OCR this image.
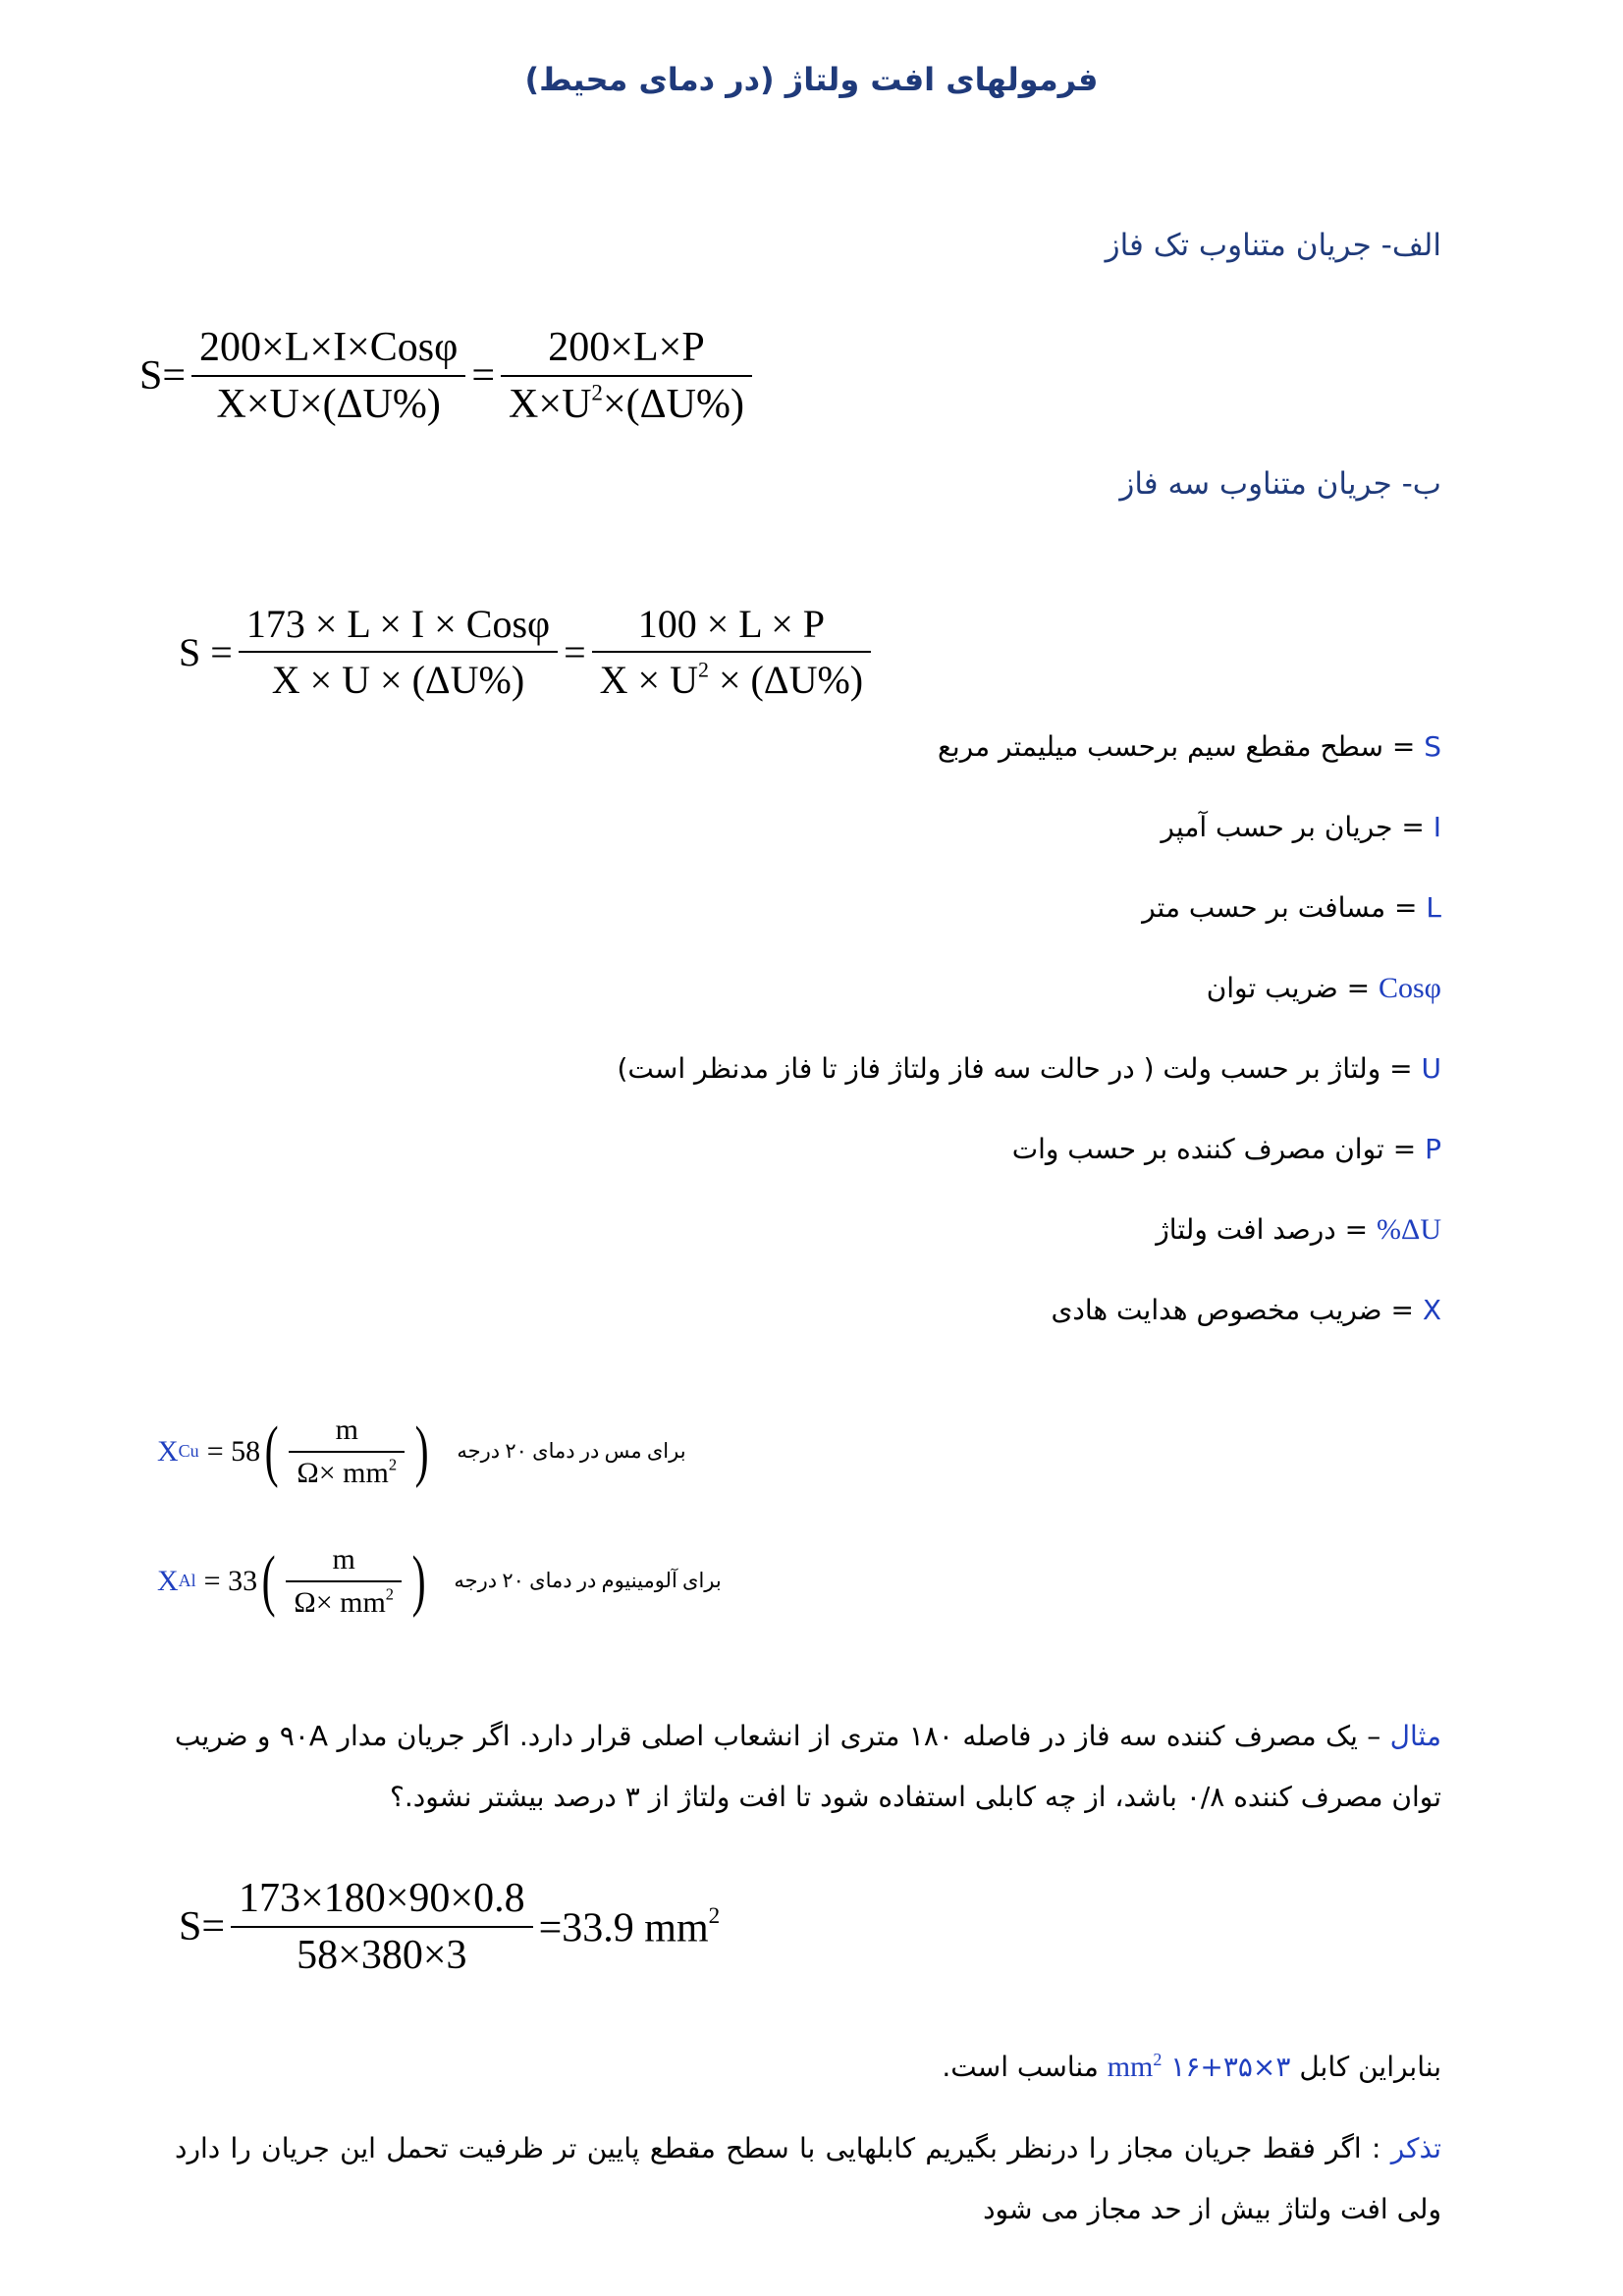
فرمولهای افت ولتاژ (در دمای محیط)
الف- جریان متناوب تک فاز
$S= \frac{\text{200×L×I×Cosφ}}{X\times U\times(\Delta U\%)} = \frac{200\times L\times P}{X\times U^2\times(\Delta U\%)}$
ب- جریان متناوب سه فاز
$S = \frac{\text{173 × L × I × Cosφ}}{X \times U \times (\Delta U\%)} = \frac{100 \times L \times P}{X \times U^2 \times (\Delta U\%)}$
S = سطح مقطع سیم برحسب میلیمتر مربع
I = جریان بر حسب آمپر
L = مسافت بر حسب متر
Cosφ = ضریب توان
U = ولتاژ بر حسب ولت ( در حالت سه فاز ولتاژ فاز تا فاز مدنظر است)
P = توان مصرف کننده بر حسب وات
ΔU% = درصد افت ولتاژ
X = ضریب مخصوص هدایت هادی
X Cu = 58 ( $\frac{m}{\Omega\times mm^2}$ ) برای مس در دمای ۲۰ درجه
X Al = 33 ( $\frac{m}{\Omega\times mm^2}$ ) برای آلومینیوم در دمای ۲۰ درجه
مثال – یک مصرف کننده سه فاز در فاصله ۱۸۰ متری از انشعاب اصلی قرار دارد. اگر جریان مدار ۹۰A و ضریب توان مصرف کننده ۰/۸ باشد، از چه کابلی استفاده شود تا افت ولتاژ از ۳ درصد بیشتر نشود.؟
$S= \frac{173\times 180\times 90\times 0.8}{58\times 380\times 3} =33.9$ $mm^2$
بنابراین کابل ۳×۳۵+۱۶ $mm^2$ مناسب است.
تذکر : اگر فقط جریان مجاز را درنظر بگیریم کابلهایی با سطح مقطع پایین تر ظرفیت تحمل این جریان را دارد ولی افت ولتاژ بیش از حد مجاز می شود
